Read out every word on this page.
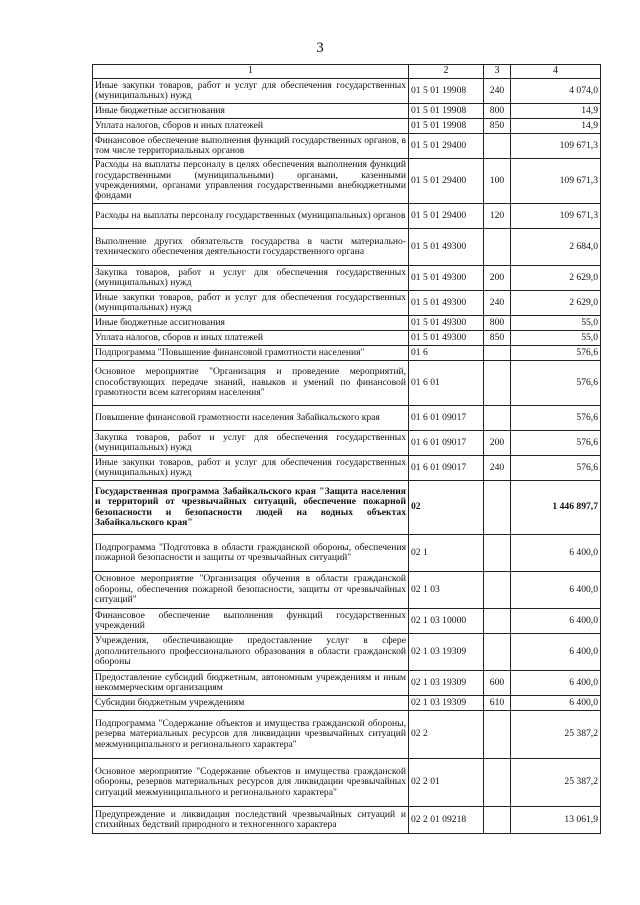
3
1	2	3	4
Иные закупки товаров, работ и услуг для обеспечения государственных (муниципальных) нужд	01 5 01 19908	240	4 074,0
Иные бюджетные ассигнования	01 5 01 19908	800	14,9
Уплата налогов, сборов и иных платежей	01 5 01 19908	850	14,9
Финансовое обеспечение выполнения функций государственных органов, в том числе территориальных органов	01 5 01 29400		109 671,3
Расходы на выплаты персоналу в целях обеспечения выполнения функций государственными (муниципальными) органами, казенными учреждениями, органами управления государственными внебюджетными фондами	01 5 01 29400	100	109 671,3
Расходы на выплаты персоналу государственных (муниципальных) органов	01 5 01 29400	120	109 671,3
Выполнение других обязательств государства в части материально-технического обеспечения деятельности государственного органа	01 5 01 49300		2 684,0
Закупка товаров, работ и услуг для обеспечения государственных (муниципальных) нужд	01 5 01 49300	200	2 629,0
Иные закупки товаров, работ и услуг для обеспечения государственных (муниципальных) нужд	01 5 01 49300	240	2 629,0
Иные бюджетные ассигнования	01 5 01 49300	800	55,0
Уплата налогов, сборов и иных платежей	01 5 01 49300	850	55,0
Подпрограмма "Повышение финансовой грамотности населения"	01 6		576,6
Основное мероприятие "Организация и проведение мероприятий, способствующих передаче знаний, навыков и умений по финансовой грамотности всем категориям населения"	01 6 01		576,6
Повышение финансовой грамотности населения Забайкальского края	01 6 01 09017		576,6
Закупка товаров, работ и услуг для обеспечения государственных (муниципальных) нужд	01 6 01 09017	200	576,6
Иные закупки товаров, работ и услуг для обеспечения государственных (муниципальных) нужд	01 6 01 09017	240	576,6
Государственная программа Забайкальского края "Защита населения и территорий от чрезвычайных ситуаций, обеспечение пожарной безопасности и безопасности людей на водных объектах Забайкальского края"	02		1 446 897,7
Подпрограмма "Подготовка в области гражданской обороны, обеспечения пожарной безопасности и защиты от чрезвычайных ситуаций"	02 1		6 400,0
Основное мероприятие "Организация обучения в области гражданской обороны, обеспечения пожарной безопасности, защиты от чрезвычайных ситуаций"	02 1 03		6 400,0
Финансовое обеспечение выполнения функций государственных учреждений	02 1 03 10000		6 400,0
Учреждения, обеспечивающие предоставление услуг в сфере дополнительного профессионального образования в области гражданской обороны	02 1 03 19309		6 400,0
Предоставление субсидий бюджетным, автономным учреждениям и иным некоммерческим организациям	02 1 03 19309	600	6 400,0
Субсидии бюджетным учреждениям	02 1 03 19309	610	6 400,0
Подпрограмма "Содержание объектов и имущества гражданской обороны, резерва материальных ресурсов для ликвидации чрезвычайных ситуаций межмуниципального и регионального характера"	02 2		25 387,2
Основное мероприятие "Содержание объектов и имущества гражданской обороны, резервов материальных ресурсов для ликвидации чрезвычайных ситуаций межмуниципального и регионального характера"	02 2 01		25 387,2
Предупреждение и ликвидация последствий чрезвычайных ситуаций и стихийных бедствий природного и техногенного характера	02 2 01 09218		13 061,9
